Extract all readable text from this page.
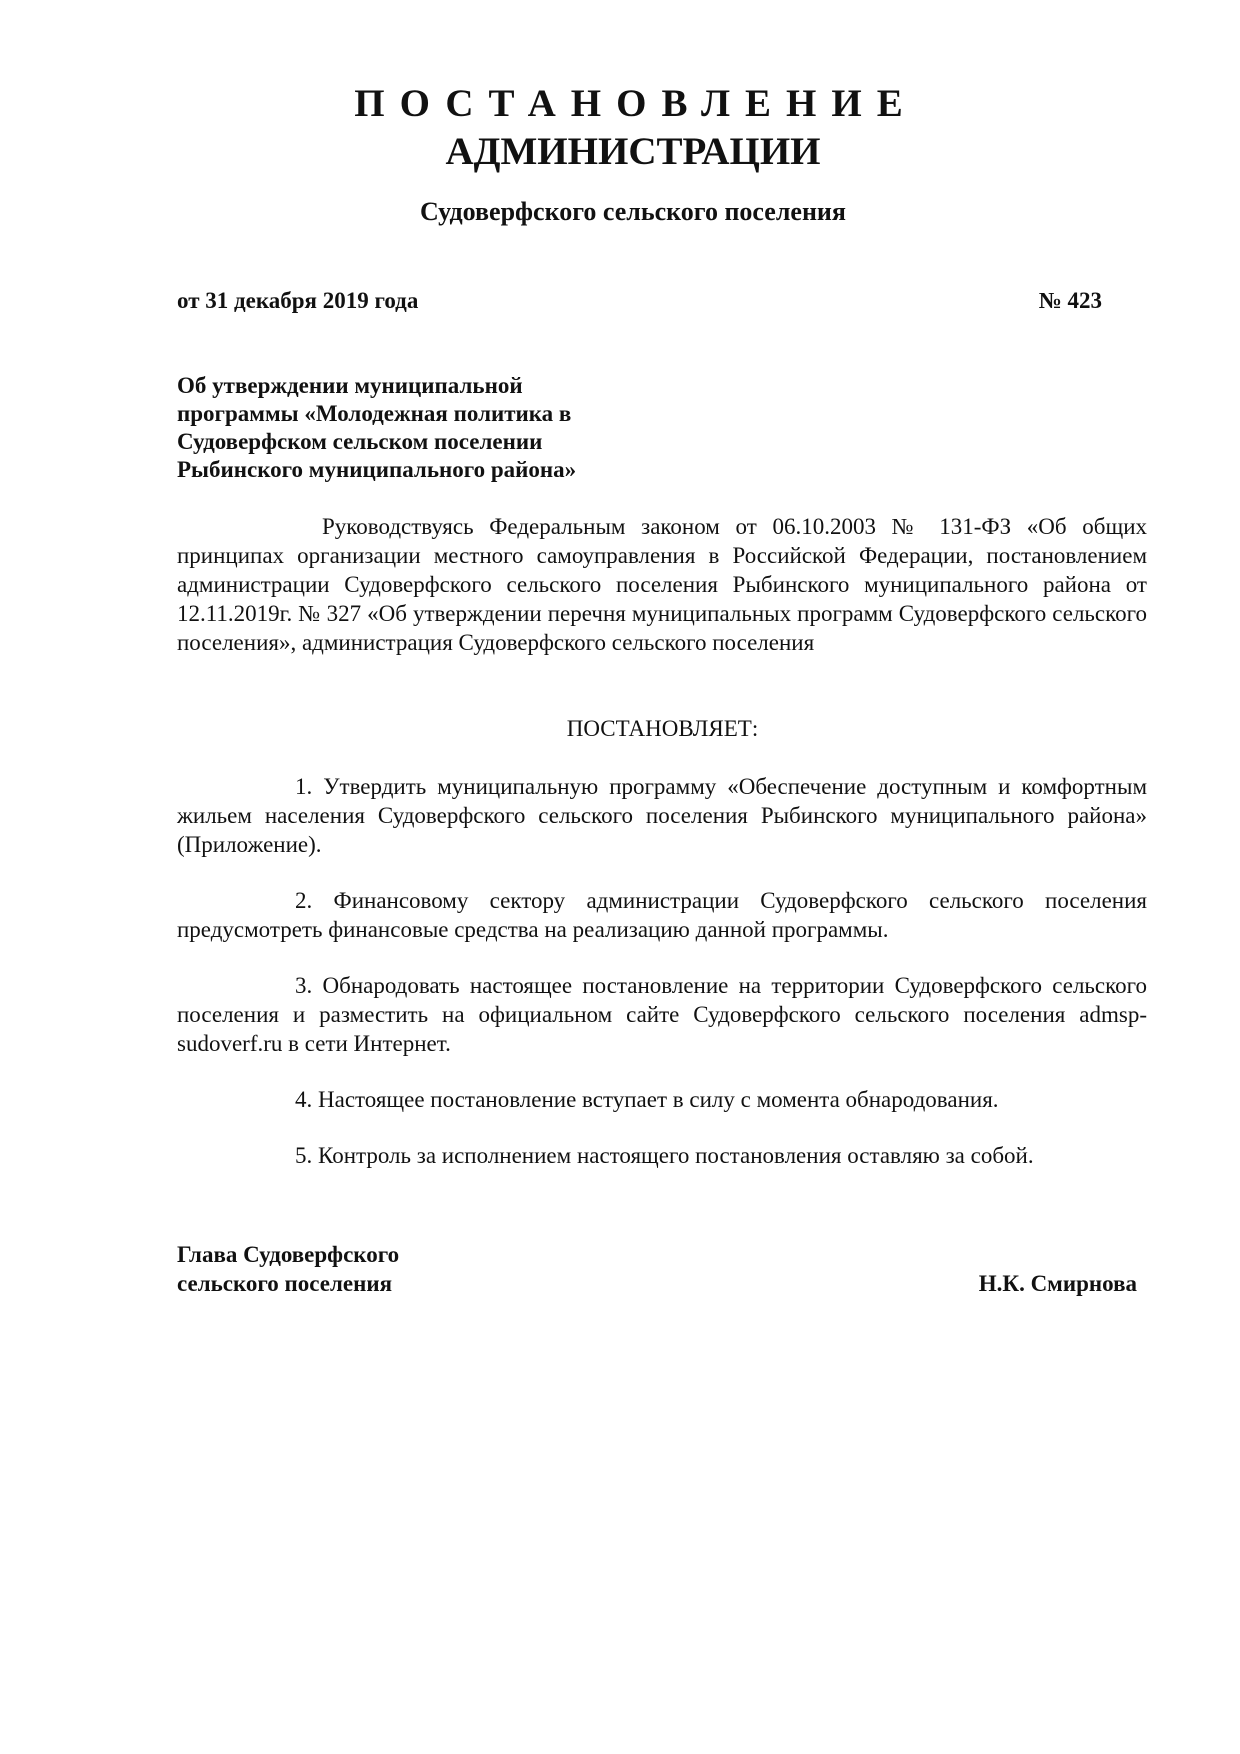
ПОСТАНОВЛЕНИЕ
АДМИНИСТРАЦИИ
Судоверфского сельского поселения
от 31 декабря 2019 года	№ 423
Об утверждении муниципальной
программы «Молодежная политика в
Судоверфском сельском поселении
Рыбинского муниципального района»
Руководствуясь Федеральным законом от 06.10.2003 № 131-ФЗ «Об общих принципах организации местного самоуправления в Российской Федерации, постановлением администрации Судоверфского сельского поселения Рыбинского муниципального района от 12.11.2019г. № 327 «Об утверждении перечня муниципальных программ Судоверфского сельского поселения», администрация Судоверфского сельского поселения
ПОСТАНОВЛЯЕТ:

1. Утвердить муниципальную программу «Обеспечение доступным и комфортным жильем населения Судоверфского сельского поселения Рыбинского муниципального района» (Приложение).

2. Финансовому сектору администрации Судоверфского сельского поселения предусмотреть финансовые средства на реализацию данной программы.

3. Обнародовать настоящее постановление на территории Судоверфского сельского поселения и разместить на официальном сайте Судоверфского сельского поселения admsp-sudoverf.ru в сети Интернет.

4. Настоящее постановление вступает в силу с момента обнародования.

5. Контроль за исполнением настоящего постановления оставляю за собой.

Глава Судоверфского
сельского поселения	Н.К. Смирнова
